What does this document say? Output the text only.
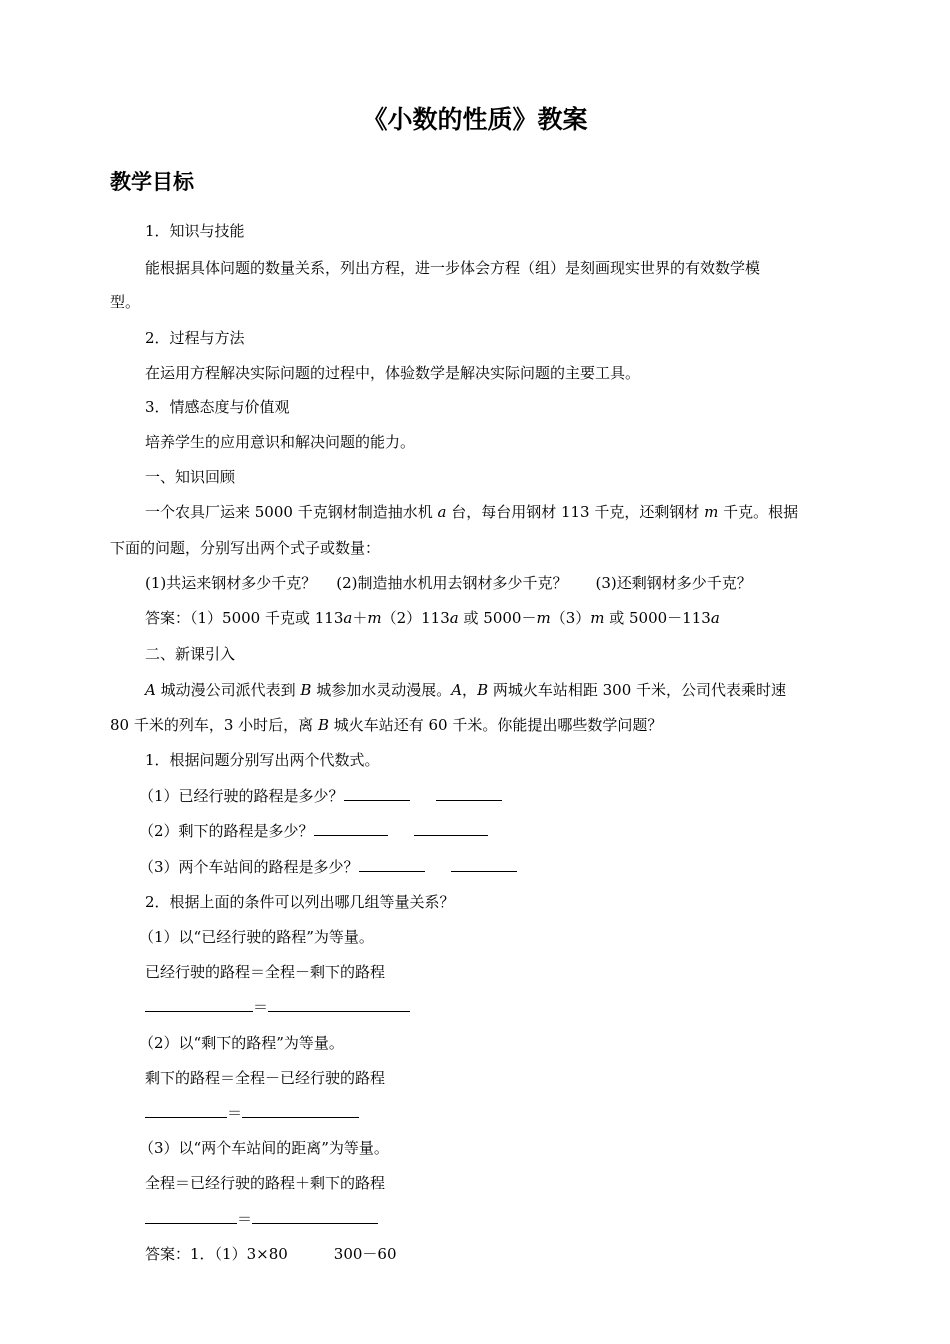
《小数的性质》教案
教学目标

1．知识与技能

能根据具体问题的数量关系，列出方程，进一步体会方程（组）是刻画现实世界的有效数学模

型。

2．过程与方法

在运用方程解决实际问题的过程中，体验数学是解决实际问题的主要工具。

3．情感态度与价值观

培养学生的应用意识和解决问题的能力。

一、知识回顾

一个农具厂运来 5000 千克钢材制造抽水机 a 台，每台用钢材 113 千克，还剩钢材 m 千克。根据

下面的问题，分别写出两个式子或数量：

(1)共运来钢材多少千克？ (2)制造抽水机用去钢材多少千克？ (3)还剩钢材多少千克？

答案：（1）5000 千克或 113a＋m（2）113a 或 5000－m（3）m 或 5000－113a

二、新课引入

A 城动漫公司派代表到 B 城参加水灵动漫展。A，B 两城火车站相距 300 千米，公司代表乘时速

80 千米的列车，3 小时后，离 B 城火车站还有 60 千米。你能提出哪些数学问题？

1．根据问题分别写出两个代数式。

（1）已经行驶的路程是多少？

（2）剩下的路程是多少？

（3）两个车站间的路程是多少？

2．根据上面的条件可以列出哪几组等量关系？

（1）以“已经行驶的路程”为等量。

已经行驶的路程＝全程－剩下的路程

＝

（2）以“剩下的路程”为等量。

剩下的路程＝全程－已经行驶的路程

＝

（3）以“两个车站间的距离”为等量。

全程＝已经行驶的路程＋剩下的路程

＝

答案：1．（1）3×80	300－60
